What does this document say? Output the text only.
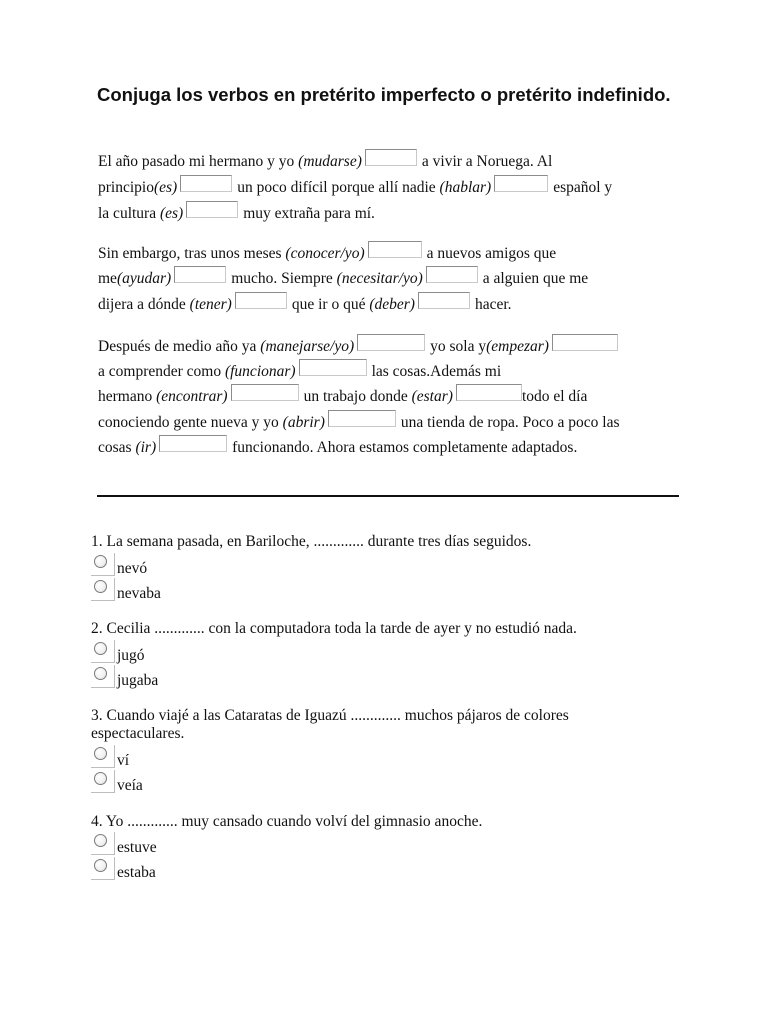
Conjuga los verbos en pretérito imperfecto o pretérito indefinido.
El año pasado mi hermano y yo (mudarse)	a vivir a Noruega. Al
principio(es)	un poco difícil porque allí nadie (hablar)	español y
la cultura (es)	muy extraña para mí.
Sin embargo, tras unos meses (conocer/yo)	a nuevos amigos que
me(ayudar)	mucho. Siempre (necesitar/yo)	a alguien que me
dijera a dónde (tener)	que ir o qué (deber)	hacer.
Después de medio año ya (manejarse/yo)	yo sola y(empezar)
a comprender como (funcionar)	las cosas.Además mi
hermano (encontrar)	un trabajo donde (estar)	todo el día
conociendo gente nueva y yo (abrir)	una tienda de ropa. Poco a poco las
cosas (ir)	funcionando. Ahora estamos completamente adaptados.
1. La semana pasada, en Bariloche, ............. durante tres días seguidos.
nevó
nevaba
2. Cecilia ............. con la computadora toda la tarde de ayer y no estudió nada.
jugó
jugaba
3. Cuando viajé a las Cataratas de Iguazú ............. muchos pájaros de colores espectaculares.
ví
veía
4. Yo ............. muy cansado cuando volví del gimnasio anoche.
estuve
estaba
